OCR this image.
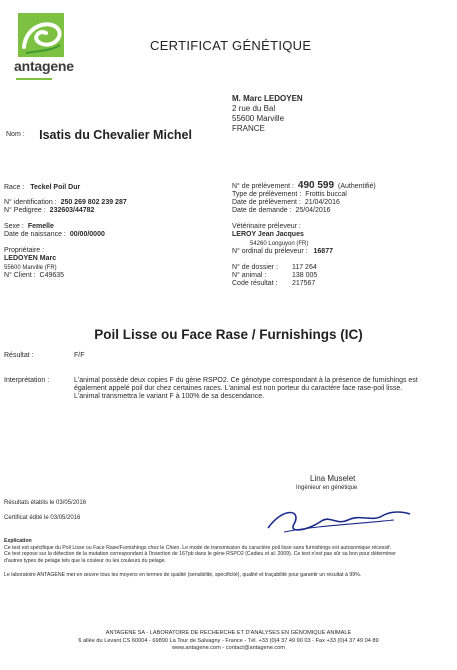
antagene
CERTIFICAT GÉNÉTIQUE
M. Marc LEDOYEN
2 rue du Bal
55600 Marville
FRANCE
Nom : Isatis du Chevalier Michel
Race : Teckel Poil Dur
N° identification : 250 269 802 239 287
N° Pedigree : 232603/44782
Sexe : Femelle
Date de naissance : 00/00/0000
Propriétaire :
LEDOYEN Marc
55600 Marville (FR)
N° Client : C49635
N° de prélèvement : 490 599 (Authentifié)
Type de prélèvement : Frottis buccal
Date de prélèvement : 21/04/2016
Date de demande : 25/04/2016
Vétérinaire préleveur :
LEROY Jean Jacques
54260 Longuyon (FR)
N° ordinal du préleveur : 16877
N° de dossier : 117 264
N° animal :	138 005
Code résultat : 217567
Poil Lisse ou Face Rase / Furnishings (IC)
Résultat :	F/F
Interprétation :	L'animal possède deux copies F du gène RSPO2. Ce génotype correspondant à la présence de furnishings est
également appelé poil dur chez certaines races. L'animal est non porteur du caractère face rase-poil lisse.
L'animal transmettra le variant F à 100% de sa descendance.
Lina Muselet
Ingénieur en génétique
Résultats établis le 03/05/2016
Certificat édité le 03/05/2016
Explication
Ce test est spécifique du Poil Lisse ou Face Rase/Furnishings chez le Chien. Le mode de transmission du caractère poil lisse sans furnishings est autosomique récessif.
Ce test repose sur la détection de la mutation correspondant à l'insertion de 167pb dans le gène RSPO2 (Cadieu et al. 2009). Ce test n'est pas sûr sa bon pour déterminer
d'autres types de pelage tels que la couleur ou les couleurs du pelage.
Le laboratoire ANTAGENE met en œuvre tous les moyens en termes de qualité (sensibilité, spécificité), qualité et traçabilité pour garantir un résultat à 99%.
ANTAGENE SA - LABORATOIRE DE RECHERCHE ET D'ANALYSES EN GÉNOMIQUE ANIMALE
6 allée du Levant CS 60004 - 69890 La Tour de Salvagny - France - Tél. +33 (0)4 37 49 90 03 - Fax +33 (0)4 37 49 04 89
www.antagene.com - contact@antagene.com
